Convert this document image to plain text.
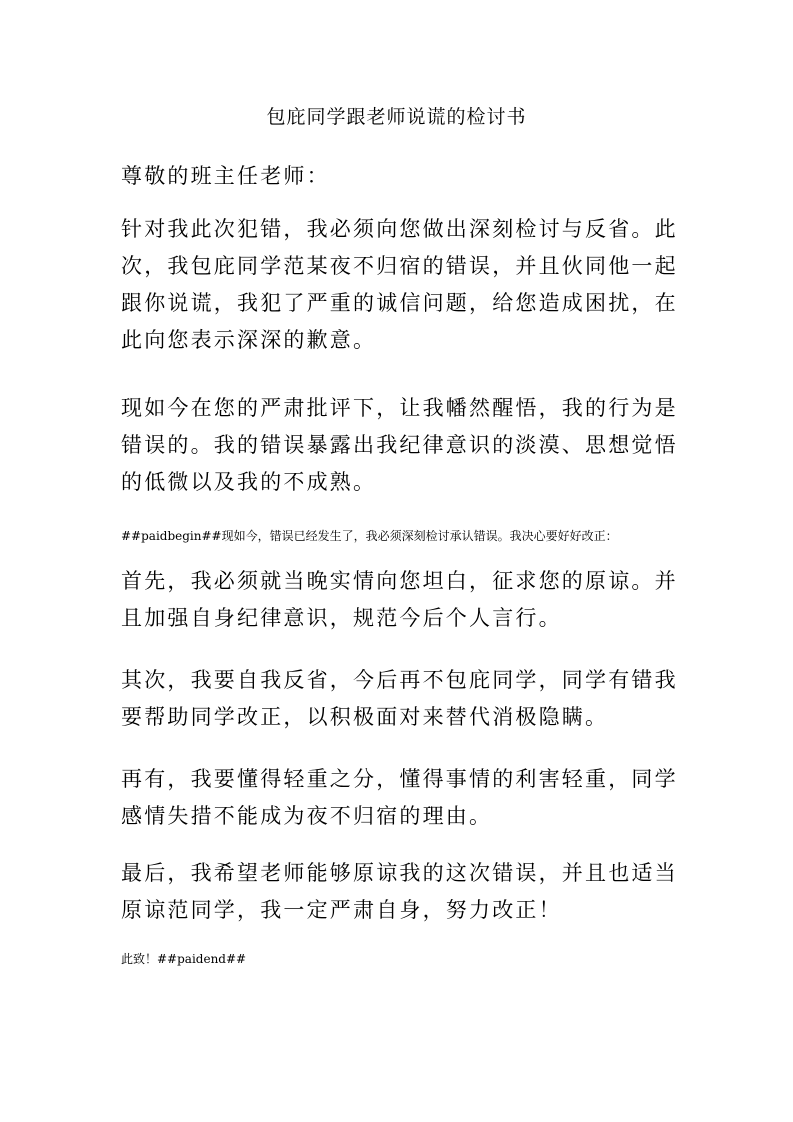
包庇同学跟老师说谎的检讨书

尊敬的班主任老师：

针对我此次犯错，我必须向您做出深刻检讨与反省。此次，我包庇同学范某夜不归宿的错误，并且伙同他一起跟你说谎，我犯了严重的诚信问题，给您造成困扰，在此向您表示深深的歉意。

现如今在您的严肃批评下，让我幡然醒悟，我的行为是错误的。我的错误暴露出我纪律意识的淡漠、思想觉悟的低微以及我的不成熟。

##paidbegin##现如今，错误已经发生了，我必须深刻检讨承认错误。我决心要好好改正：

首先，我必须就当晚实情向您坦白，征求您的原谅。并且加强自身纪律意识，规范今后个人言行。

其次，我要自我反省，今后再不包庇同学，同学有错我要帮助同学改正，以积极面对来替代消极隐瞒。

再有，我要懂得轻重之分，懂得事情的利害轻重，同学感情失措不能成为夜不归宿的理由。

最后，我希望老师能够原谅我的这次错误，并且也适当原谅范同学，我一定严肃自身，努力改正！

此致！##paidend##
